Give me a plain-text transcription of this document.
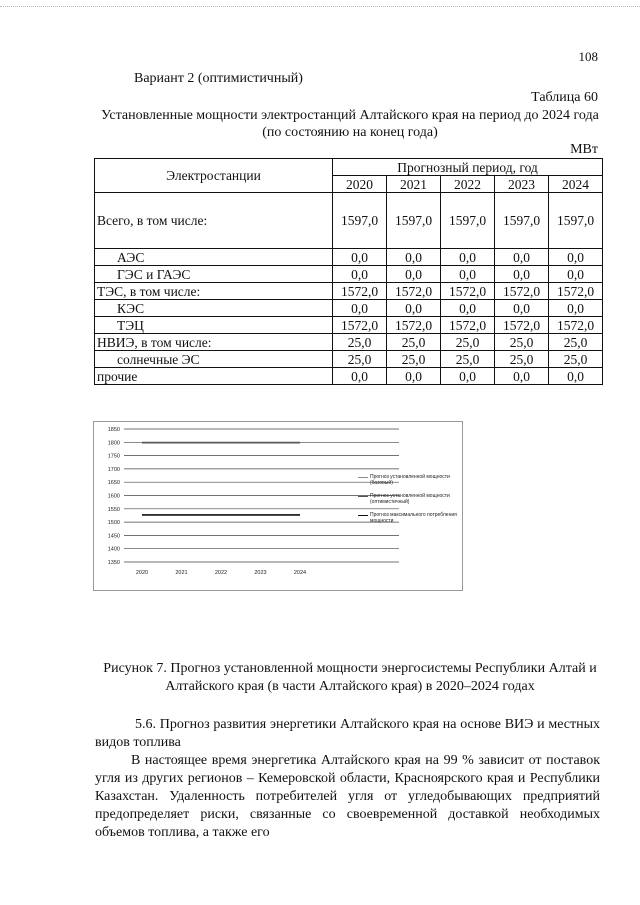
108
Вариант 2 (оптимистичный)
Таблица 60
Установленные мощности электростанций Алтайского края на период до 2024 года (по состоянию на конец года)
МВт
Электростанции	Прогнозный период, год				
	2020	2021	2022	2023	2024
Всего, в том числе:	1597,0	1597,0	1597,0	1597,0	1597,0
АЭС	0,0	0,0	0,0	0,0	0,0
ГЭС и ГАЭС	0,0	0,0	0,0	0,0	0,0
ТЭС, в том числе:	1572,0	1572,0	1572,0	1572,0	1572,0
КЭС	0,0	0,0	0,0	0,0	0,0
ТЭЦ	1572,0	1572,0	1572,0	1572,0	1572,0
НВИЭ, в том числе:	25,0	25,0	25,0	25,0	25,0
солнечные ЭС	25,0	25,0	25,0	25,0	25,0
прочие	0,0	0,0	0,0	0,0	0,0
1350
1400
1450
1500
1550
1600
1650
1700
1750
1800
1850
2020	2021	2022	2023	2024
Прогноз установленной мощности (базовый)
Прогноз установленной мощности (оптимистичный)
Прогноз максимального потребления мощности
Рисунок 7. Прогноз установленной мощности энергосистемы Республики Алтай и Алтайского края (в части Алтайского края) в 2020–2024 годах
5.6. Прогноз развития энергетики Алтайского края на основе ВИЭ и местных видов топлива
В настоящее время энергетика Алтайского края на 99 % зависит от поставок угля из других регионов – Кемеровской области, Красноярского края и Республики Казахстан. Удаленность потребителей угля от угледобывающих предприятий предопределяет риски, связанные со своевременной доставкой необходимых объемов топлива, а также его
